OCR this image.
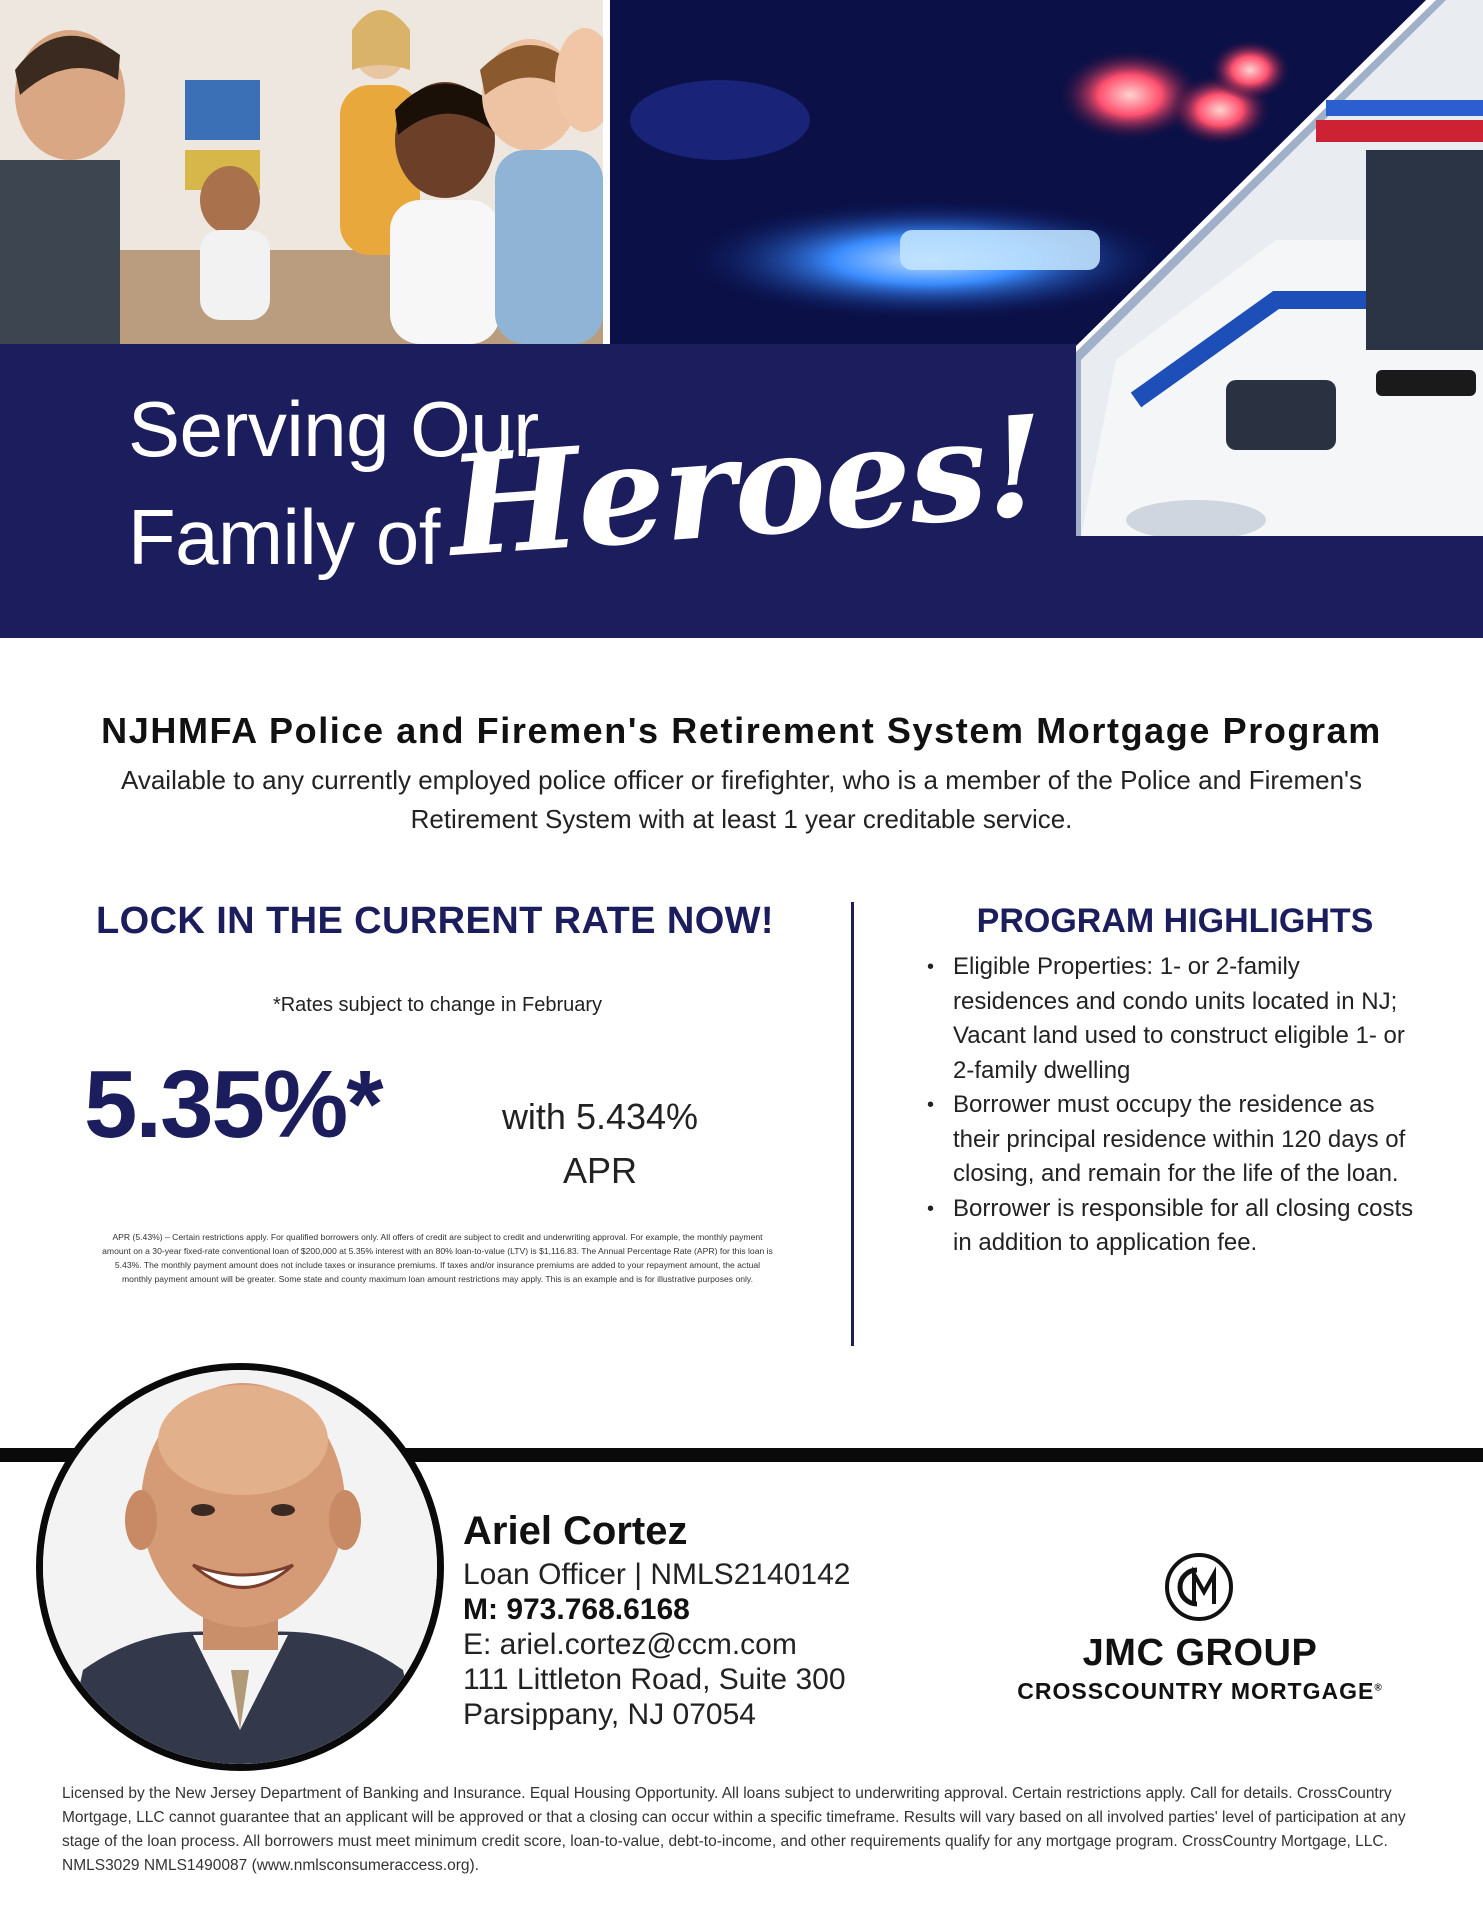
Serving Our
Family of Heroes!
NJHMFA Police and Firemen's Retirement System Mortgage Program
Available to any currently employed police officer or firefighter, who is a member of the Police and Firemen's Retirement System with at least 1 year creditable service.
LOCK IN THE CURRENT RATE NOW!
*Rates subject to change in February
5.35%*	with 5.434%
APR
APR (5.43%) – Certain restrictions apply. For qualified borrowers only. All offers of credit are subject to credit and underwriting approval. For example, the monthly payment amount on a 30-year fixed-rate conventional loan of $200,000 at 5.35% interest with an 80% loan-to-value (LTV) is $1,116.83. The Annual Percentage Rate (APR) for this loan is 5.43%. The monthly payment amount does not include taxes or insurance premiums. If taxes and/or insurance premiums are added to your repayment amount, the actual monthly payment amount will be greater. Some state and county maximum loan amount restrictions may apply. This is an example and is for illustrative purposes only.
PROGRAM HIGHLIGHTS
• Eligible Properties: 1- or 2-family residences and condo units located in NJ; Vacant land used to construct eligible 1- or 2-family dwelling
• Borrower must occupy the residence as their principal residence within 120 days of closing, and remain for the life of the loan.
• Borrower is responsible for all closing costs in addition to application fee.
Ariel Cortez
Loan Officer | NMLS2140142
M: 973.768.6168
E: ariel.cortez@ccm.com
111 Littleton Road, Suite 300
Parsippany, NJ 07054
JMC GROUP
CROSSCOUNTRY MORTGAGE®
Licensed by the New Jersey Department of Banking and Insurance. Equal Housing Opportunity. All loans subject to underwriting approval. Certain restrictions apply. Call for details. CrossCountry Mortgage, LLC cannot guarantee that an applicant will be approved or that a closing can occur within a specific timeframe. Results will vary based on all involved parties' level of participation at any stage of the loan process. All borrowers must meet minimum credit score, loan-to-value, debt-to-income, and other requirements qualify for any mortgage program. CrossCountry Mortgage, LLC. NMLS3029 NMLS1490087 (www.nmlsconsumeraccess.org).
